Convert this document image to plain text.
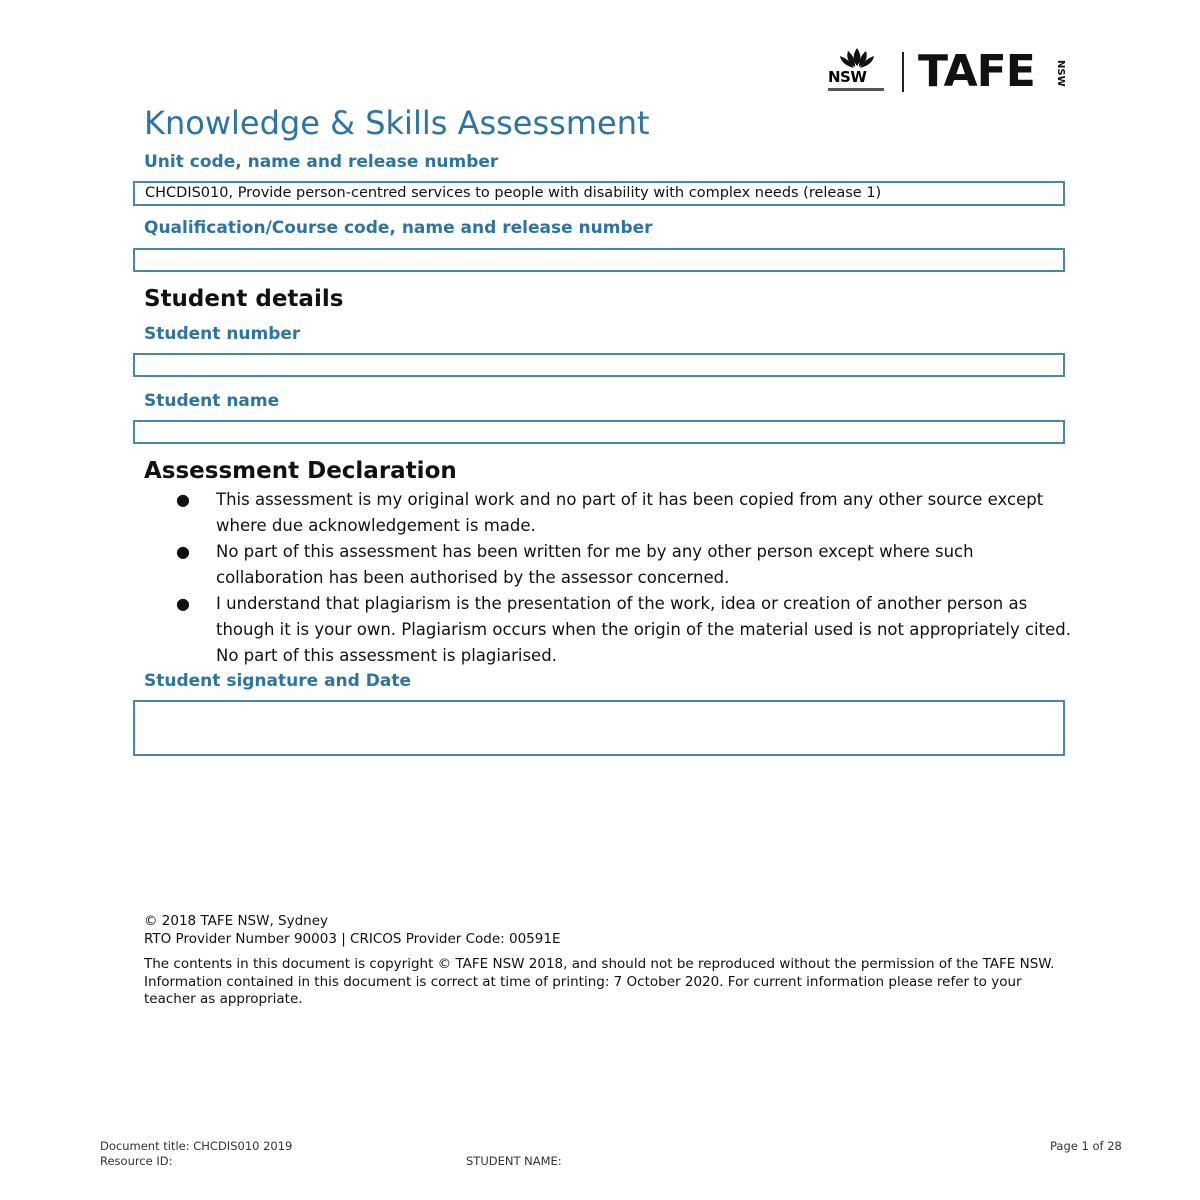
NSW TAFE NSW
Knowledge & Skills Assessment
Unit code, name and release number
CHCDIS010, Provide person-centred services to people with disability with complex needs (release 1)
Qualification/Course code, name and release number
Student details
Student number
Student name
Assessment Declaration
● This assessment is my original work and no part of it has been copied from any other source except where due acknowledgement is made.
● No part of this assessment has been written for me by any other person except where such collaboration has been authorised by the assessor concerned.
● I understand that plagiarism is the presentation of the work, idea or creation of another person as though it is your own. Plagiarism occurs when the origin of the material used is not appropriately cited. No part of this assessment is plagiarised.
Student signature and Date
© 2018 TAFE NSW, Sydney
RTO Provider Number 90003 | CRICOS Provider Code: 00591E
The contents in this document is copyright © TAFE NSW 2018, and should not be reproduced without the permission of the TAFE NSW. Information contained in this document is correct at time of printing: 7 October 2020. For current information please refer to your teacher as appropriate.
Document title: CHCDIS010 2019
Resource ID:	STUDENT NAME:
Page 1 of 28
